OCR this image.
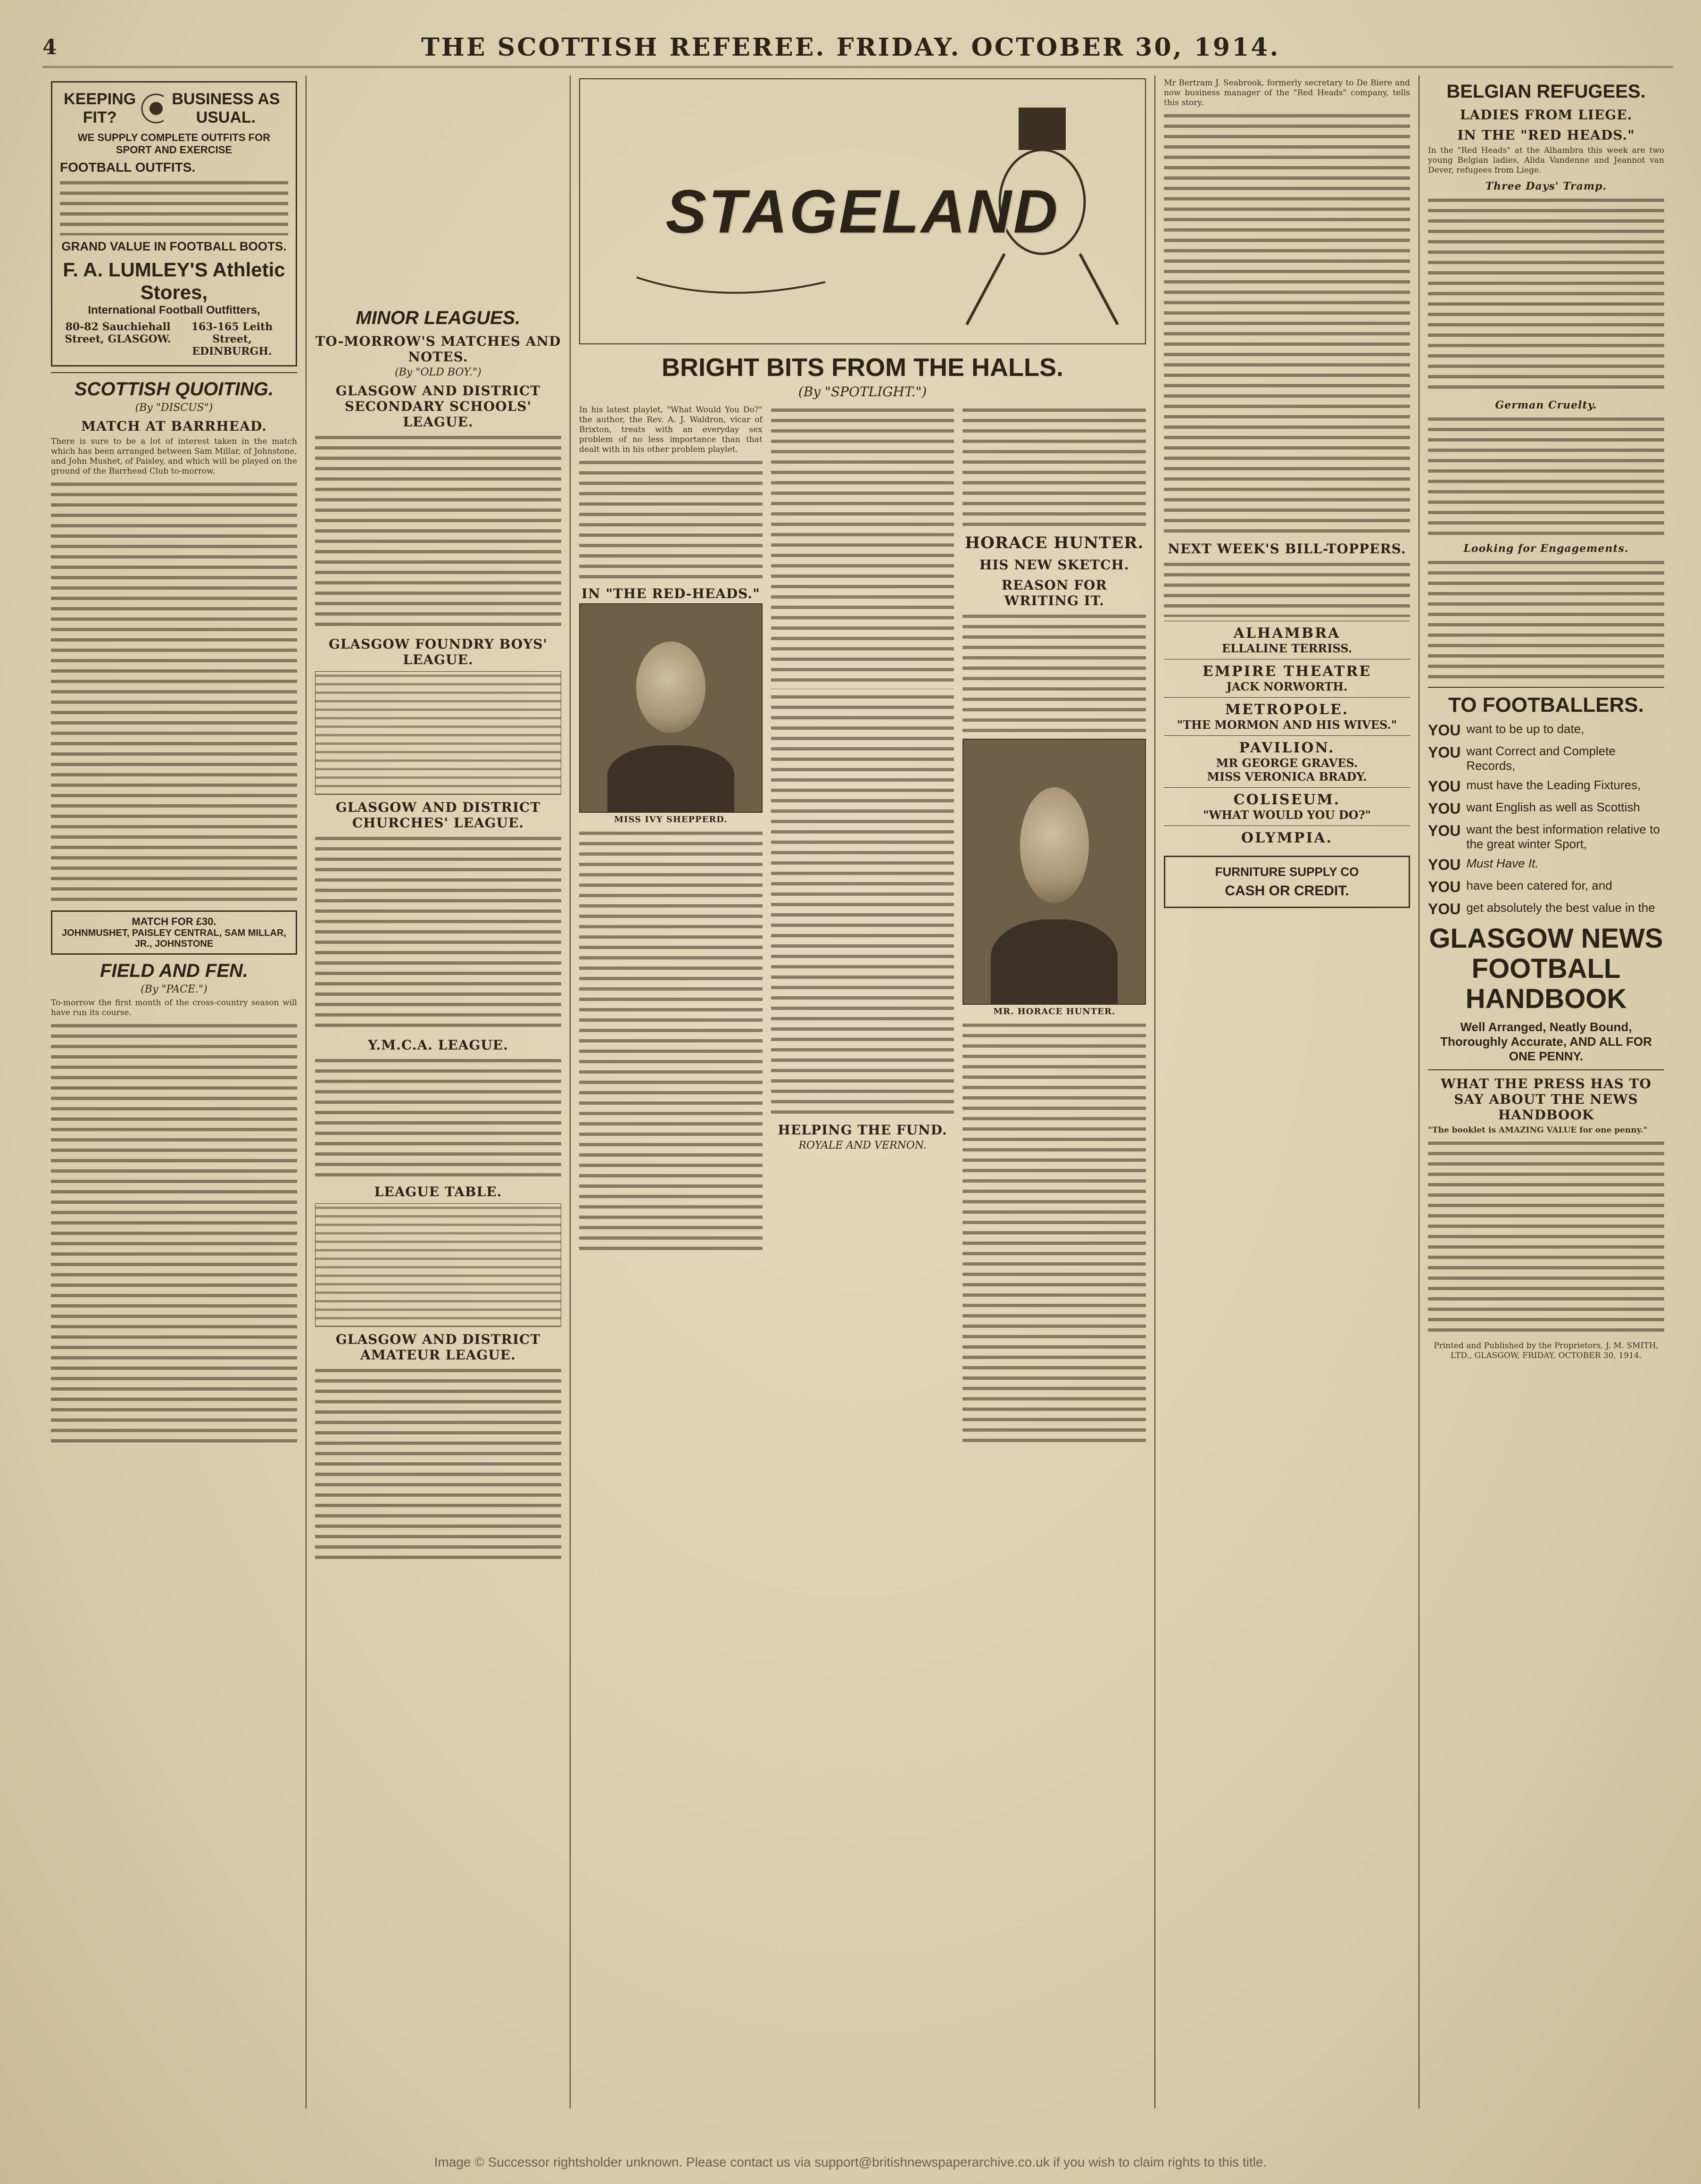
4	THE SCOTTISH REFEREE. FRIDAY. OCTOBER 30, 1914.
KEEPING FIT?
BUSINESS AS USUAL.
WE SUPPLY COMPLETE OUTFITS FOR SPORT AND EXERCISE
FOOTBALL OUTFITS.
GRAND VALUE IN FOOTBALL BOOTS.
F. A. LUMLEY'S Athletic Stores,
International Football Outfitters,
80-82 Sauchiehall Street, GLASGOW.
163-165 Leith Street, EDINBURGH.
SCOTTISH QUOITING.
(By "DISCUS")
MATCH AT BARRHEAD.

There is sure to be a lot of interest taken in the match which has been arranged between Sam Millar, of Johnstone, and John Mushet, of Paisley, and which will be played on the ground of the Barrhead Club to-morrow.

MATCH FOR £30.
JOHNMUSHET, PAISLEY CENTRAL, SAM MILLAR, JR., JOHNSTONE
FIELD AND FEN.
(By "PACE.")

To-morrow the first month of the cross-country season will have run its course.

MINOR LEAGUES.
TO-MORROW'S MATCHES AND NOTES.
(By "OLD BOY.")
GLASGOW AND DISTRICT SECONDARY SCHOOLS' LEAGUE.
GLASGOW FOUNDRY BOYS' LEAGUE.
GLASGOW AND DISTRICT CHURCHES' LEAGUE.
Y.M.C.A. LEAGUE.
LEAGUE TABLE.
GLASGOW AND DISTRICT AMATEUR LEAGUE.
STAGELAND
BRIGHT BITS FROM THE HALLS.
(By "SPOTLIGHT.")

In his latest playlet, "What Would You Do?" the author, the Rev. A. J. Waldron, vicar of Brixton, treats with an everyday sex problem of no less importance than that dealt with in his other problem playlet.

IN "THE RED-HEADS."
MISS IVY SHEPPERD.
HELPING THE FUND.
ROYALE AND VERNON.
HORACE HUNTER.
HIS NEW SKETCH.
REASON FOR WRITING IT.
MR. HORACE HUNTER.

Mr Bertram J. Seabrook, formerly secretary to De Biere and now business manager of the "Red Heads" company, tells this story.

NEXT WEEK'S BILL-TOPPERS.
ALHAMBRA
ELLALINE TERRISS.
EMPIRE THEATRE
JACK NORWORTH.
METROPOLE.
"THE MORMON AND HIS WIVES."
PAVILION.
MR GEORGE GRAVES.
MISS VERONICA BRADY.
COLISEUM.
"WHAT WOULD YOU DO?"
OLYMPIA.
FURNITURE SUPPLY CO
CASH OR CREDIT.
BELGIAN REFUGEES.
LADIES FROM LIEGE.
IN THE "RED HEADS."

In the "Red Heads" at the Alhambra this week are two young Belgian ladies, Alida Vandenne and Jeannot van Dever, refugees from Liege.

Three Days' Tramp.
German Cruelty.
Looking for Engagements.
TO FOOTBALLERS.
YOU want to be up to date,
YOU want Correct and Complete Records,
YOU must have the Leading Fixtures,
YOU want English as well as Scottish
YOU want the best information relative to the great winter Sport,
YOU Must Have It.
YOU have been catered for, and
YOU get absolutely the best value in the
GLASGOW NEWS FOOTBALL HANDBOOK
Well Arranged, Neatly Bound, Thoroughly Accurate, AND ALL FOR ONE PENNY.
WHAT THE PRESS HAS TO SAY ABOUT THE NEWS HANDBOOK

"The booklet is AMAZING VALUE for one penny."

Printed and Published by the Proprietors, J. M. SMITH, LTD., GLASGOW, FRIDAY, OCTOBER 30, 1914.

Image © Successor rightsholder unknown. Please contact us via support@britishnewspaperarchive.co.uk if you wish to claim rights to this title.
